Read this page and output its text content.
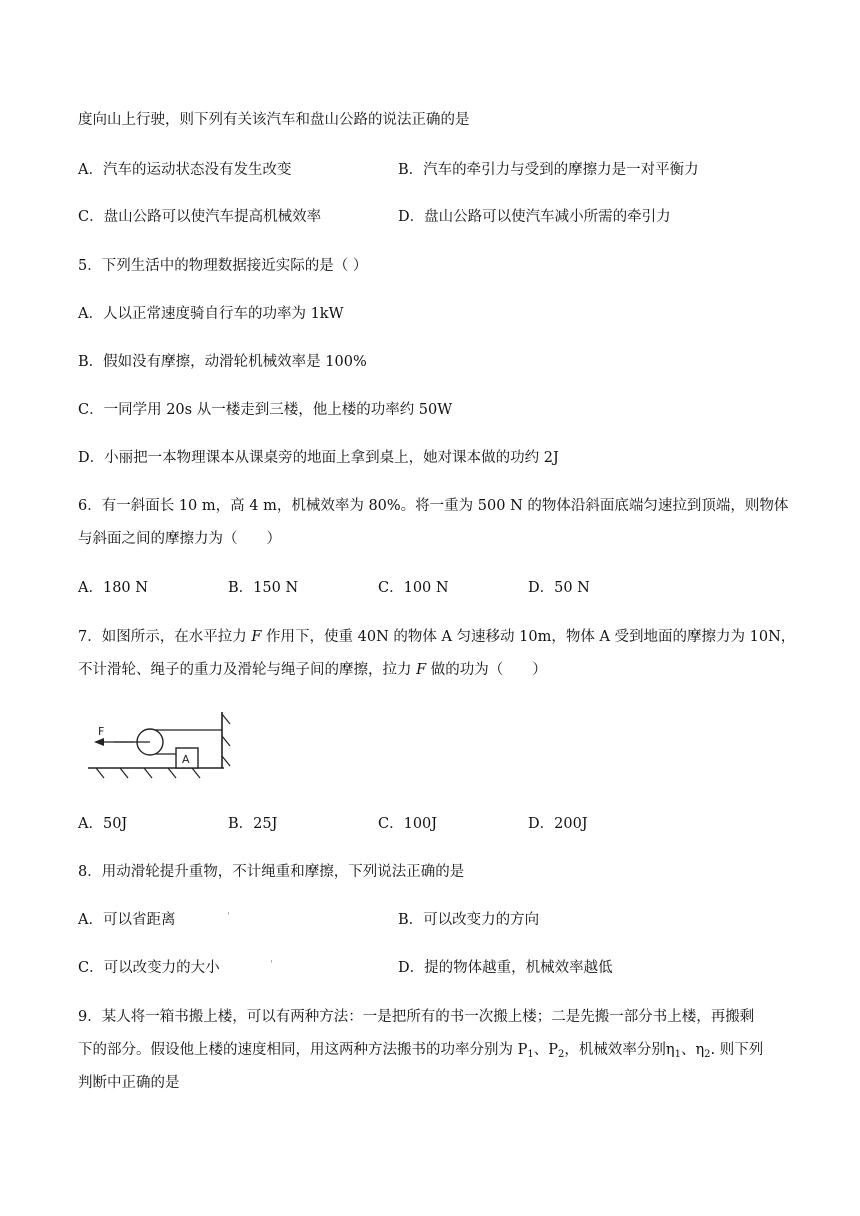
度向山上行驶，则下列有关该汽车和盘山公路的说法正确的是
A．汽车的运动状态没有发生改变	B．汽车的牵引力与受到的摩擦力是一对平衡力
C．盘山公路可以使汽车提高机械效率	D．盘山公路可以使汽车减小所需的牵引力
5．下列生活中的物理数据接近实际的是（ ）
A．人以正常速度骑自行车的功率为 1kW
B．假如没有摩擦，动滑轮机械效率是 100%
C．一同学用 20s 从一楼走到三楼，他上楼的功率约 50W
D．小丽把一本物理课本从课桌旁的地面上拿到桌上，她对课本做的功约 2J
6．有一斜面长 10 m，高 4 m，机械效率为 80%。将一重为 500 N 的物体沿斜面底端匀速拉到顶端，则物体
与斜面之间的摩擦力为（　　）
A．180 N	B．150 N	C．100 N	D．50 N
7．如图所示，在水平拉力 F 作用下，使重 40N 的物体 A 匀速移动 10m，物体 A 受到地面的摩擦力为 10N，
不计滑轮、绳子的重力及滑轮与绳子间的摩擦，拉力 F 做的功为（　　）
A
F
A．50J	B．25J	C．100J	D．200J
8．用动滑轮提升重物，不计绳重和摩擦，下列说法正确的是
A．可以省距离	B．可以改变力的方向
C．可以改变力的大小	D．提的物体越重，机械效率越低
ˈ
ˈ
9．某人将一箱书搬上楼，可以有两种方法：一是把所有的书一次搬上楼；二是先搬一部分书上楼，再搬剩
下的部分。假设他上楼的速度相同，用这两种方法搬书的功率分别为 $P_1$、$P_2$，机械效率分别$\eta_1$、$\eta_2$. 则下列
判断中正确的是
